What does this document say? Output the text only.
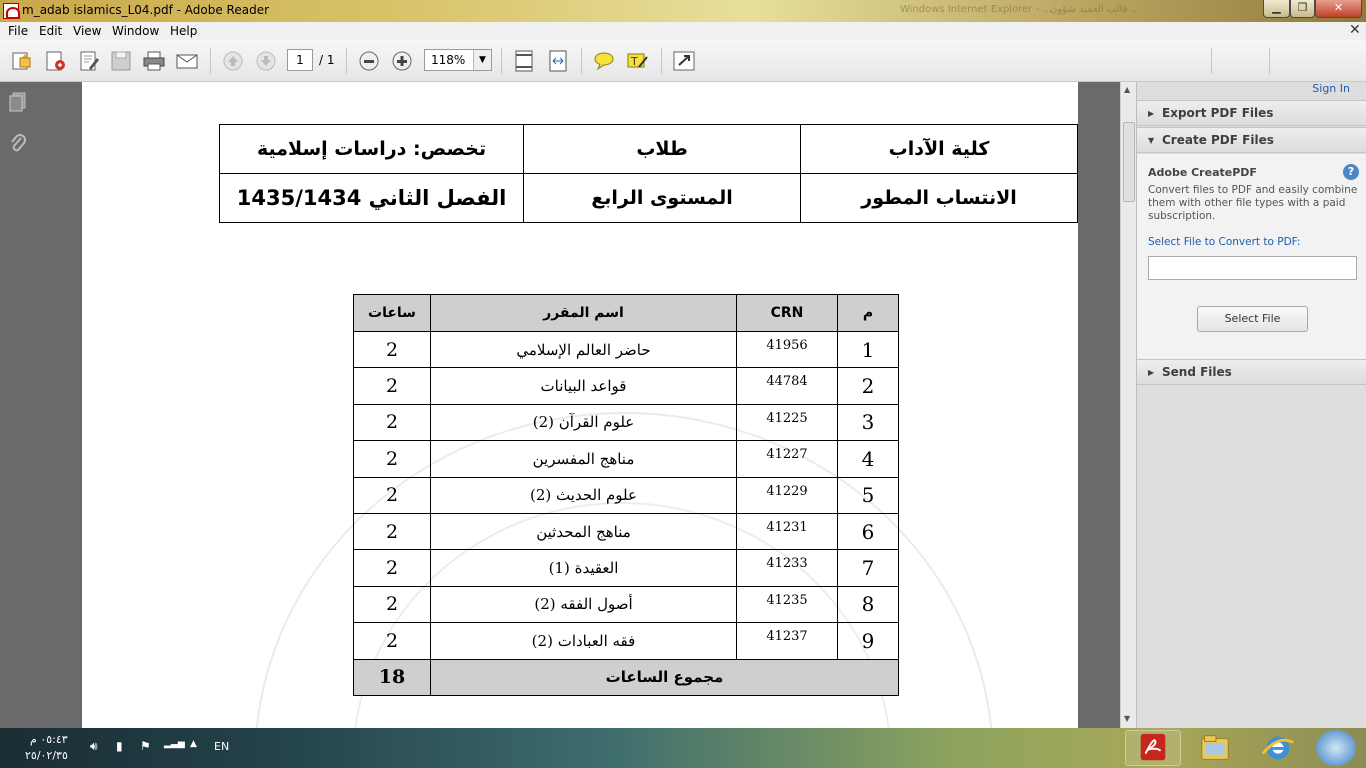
m_adab islamics_L04.pdf - Adobe Reader	Windows Internet Explorer - ...
... قالب العميد شؤون	▁	❐	✕
File Edit View Window Help	✕
T
1	/ 1	118%	▼
كلية الآداب	طلاب	تخصص: دراسات إسلامية
الانتساب المطور	المستوى الرابع	الفصل الثاني 1435/1434
م	CRN	اسم المقرر	ساعات
1	41956	حاضر العالم الإسلامي	2
2	44784	قواعد البيانات	2
3	41225	علوم القرآن (2)	2
4	41227	مناهج المفسرين	2
5	41229	علوم الحديث (2)	2
6	41231	مناهج المحدثين	2
7	41233	العقيدة (1)	2
8	41235	أصول الفقه (2)	2
9	41237	فقه العبادات (2)	2
مجموع الساعات			18
▲
▼
Sign In
▶ Export PDF Files
▼ Create PDF Files
Adobe CreatePDF	?
Convert files to PDF and easily combine them with other file types with a paid subscription.
Select File to Convert to PDF:
Select File
▶ Send Files
٠٥:٤٣ م
٢٥/٠٢/٣٥
🔊︎ ▮ ⚑ ▂▃▅ ▲ EN
